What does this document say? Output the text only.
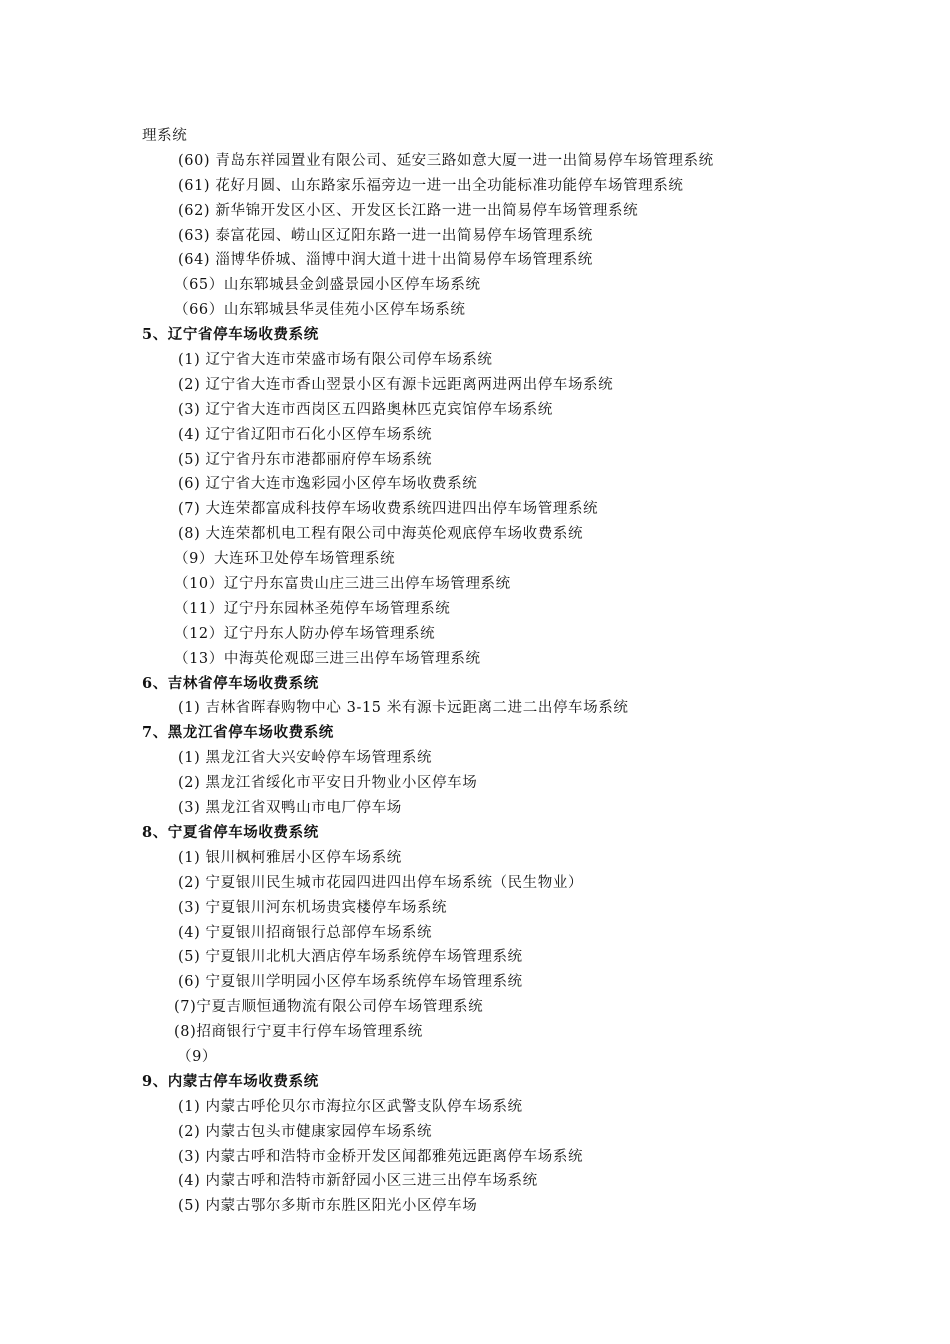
理系统
(60) 青岛东祥园置业有限公司、延安三路如意大厦一进一出简易停车场管理系统
(61) 花好月圆、山东路家乐福旁边一进一出全功能标准功能停车场管理系统
(62) 新华锦开发区小区、开发区长江路一进一出简易停车场管理系统
(63) 泰富花园、崂山区辽阳东路一进一出简易停车场管理系统
(64) 淄博华侨城、淄博中润大道十进十出简易停车场管理系统
（65）山东郓城县金剑盛景园小区停车场系统
（66）山东郓城县华灵佳苑小区停车场系统
5、辽宁省停车场收费系统
(1) 辽宁省大连市荣盛市场有限公司停车场系统
(2) 辽宁省大连市香山翌景小区有源卡远距离两进两出停车场系统
(3) 辽宁省大连市西岗区五四路奥林匹克宾馆停车场系统
(4) 辽宁省辽阳市石化小区停车场系统
(5) 辽宁省丹东市港都丽府停车场系统
(6) 辽宁省大连市逸彩园小区停车场收费系统
(7) 大连荣都富成科技停车场收费系统四进四出停车场管理系统
(8) 大连荣都机电工程有限公司中海英伦观底停车场收费系统
（9）大连环卫处停车场管理系统
（10）辽宁丹东富贵山庄三进三出停车场管理系统
（11）辽宁丹东园林圣苑停车场管理系统
（12）辽宁丹东人防办停车场管理系统
（13）中海英伦观邸三进三出停车场管理系统
6、吉林省停车场收费系统
(1) 吉林省晖春购物中心 3-15 米有源卡远距离二进二出停车场系统
7、黑龙江省停车场收费系统
(1) 黑龙江省大兴安岭停车场管理系统
(2) 黑龙江省绥化市平安日升物业小区停车场
(3) 黑龙江省双鸭山市电厂停车场
8、宁夏省停车场收费系统
(1) 银川枫柯雅居小区停车场系统
(2) 宁夏银川民生城市花园四进四出停车场系统（民生物业）
(3) 宁夏银川河东机场贵宾楼停车场系统
(4) 宁夏银川招商银行总部停车场系统
(5) 宁夏银川北机大酒店停车场系统停车场管理系统
(6) 宁夏银川学明园小区停车场系统停车场管理系统
(7)宁夏吉顺恒通物流有限公司停车场管理系统
(8)招商银行宁夏丰行停车场管理系统
（9）
9、内蒙古停车场收费系统
(1) 内蒙古呼伦贝尔市海拉尔区武警支队停车场系统
(2) 内蒙古包头市健康家园停车场系统
(3) 内蒙古呼和浩特市金桥开发区闻都雅苑远距离停车场系统
(4) 内蒙古呼和浩特市新舒园小区三进三出停车场系统
(5) 内蒙古鄂尔多斯市东胜区阳光小区停车场
